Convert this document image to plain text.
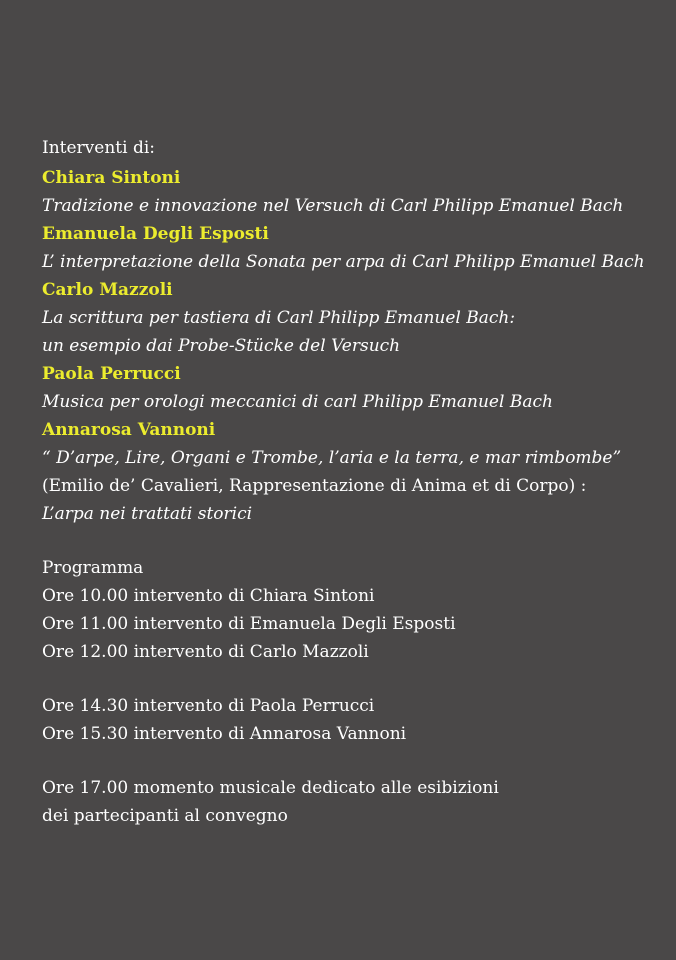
Interventi di:
Chiara Sintoni
Tradizione e innovazione nel Versuch di Carl Philipp Emanuel Bach
Emanuela Degli Esposti
L’ interpretazione della Sonata per arpa di Carl Philipp Emanuel Bach
Carlo Mazzoli
La scrittura per tastiera di Carl Philipp Emanuel Bach:
un esempio dai Probe-Stücke del Versuch
Paola Perrucci
Musica per orologi meccanici di carl Philipp Emanuel Bach
Annarosa Vannoni
“ D’arpe, Lire, Organi e Trombe, l’aria e la terra, e mar rimbombe”
(Emilio de’ Cavalieri, Rappresentazione di Anima et di Corpo) :
L’arpa nei trattati storici
Programma
Ore 10.00 intervento di Chiara Sintoni
Ore 11.00 intervento di Emanuela Degli Esposti
Ore 12.00 intervento di Carlo Mazzoli
Ore 14.30 intervento di Paola Perrucci
Ore 15.30 intervento di Annarosa Vannoni
Ore 17.00 momento musicale dedicato alle esibizioni
dei partecipanti al convegno
